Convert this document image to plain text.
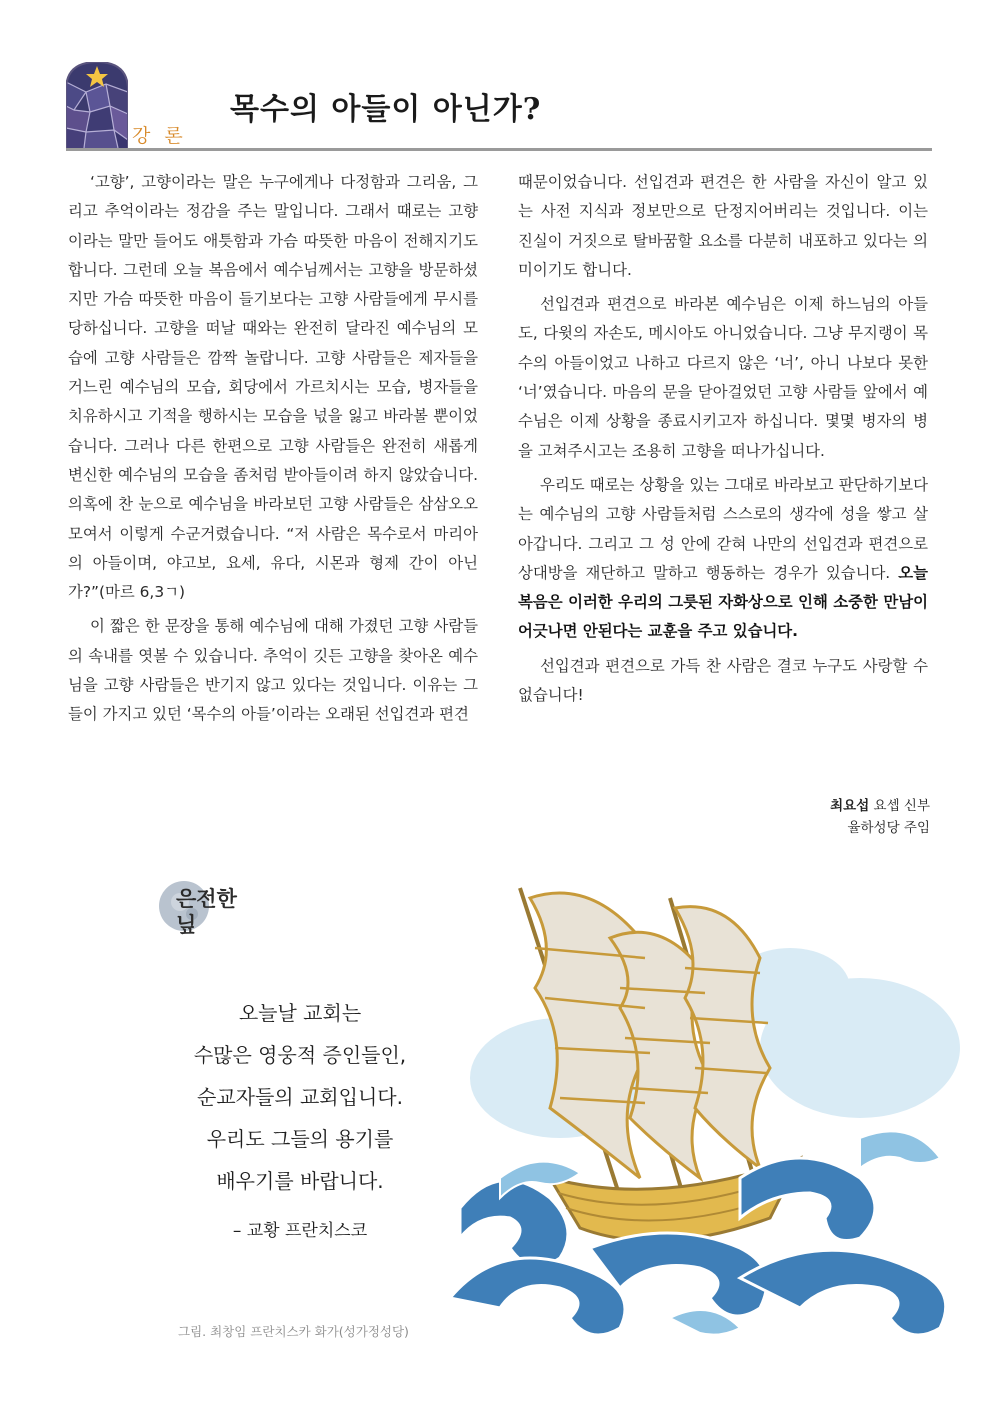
강 론
목수의 아들이 아닌가?

‘고향’, 고향이라는 말은 누구에게나 다정함과 그리움, 그리고 추억이라는 정감을 주는 말입니다. 그래서 때로는 고향이라는 말만 들어도 애틋함과 가슴 따뜻한 마음이 전해지기도 합니다. 그런데 오늘 복음에서 예수님께서는 고향을 방문하셨지만 가슴 따뜻한 마음이 들기보다는 고향 사람들에게 무시를 당하십니다. 고향을 떠날 때와는 완전히 달라진 예수님의 모습에 고향 사람들은 깜짝 놀랍니다. 고향 사람들은 제자들을 거느린 예수님의 모습, 회당에서 가르치시는 모습, 병자들을 치유하시고 기적을 행하시는 모습을 넋을 잃고 바라볼 뿐이었습니다. 그러나 다른 한편으로 고향 사람들은 완전히 새롭게 변신한 예수님의 모습을 좀처럼 받아들이려 하지 않았습니다. 의혹에 찬 눈으로 예수님을 바라보던 고향 사람들은 삼삼오오 모여서 이렇게 수군거렸습니다. “저 사람은 목수로서 마리아의 아들이며, 야고보, 요세, 유다, 시몬과 형제 간이 아닌가?”(마르 6,3ㄱ)

이 짧은 한 문장을 통해 예수님에 대해 가졌던 고향 사람들의 속내를 엿볼 수 있습니다. 추억이 깃든 고향을 찾아온 예수님을 고향 사람들은 반기지 않고 있다는 것입니다. 이유는 그들이 가지고 있던 ‘목수의 아들’이라는 오래된 선입견과 편견

때문이었습니다. 선입견과 편견은 한 사람을 자신이 알고 있는 사전 지식과 정보만으로 단정지어버리는 것입니다. 이는 진실이 거짓으로 탈바꿈할 요소를 다분히 내포하고 있다는 의미이기도 합니다.

선입견과 편견으로 바라본 예수님은 이제 하느님의 아들도, 다윗의 자손도, 메시아도 아니었습니다. 그냥 무지랭이 목수의 아들이었고 나하고 다르지 않은 ‘너’, 아니 나보다 못한 ‘너’였습니다. 마음의 문을 닫아걸었던 고향 사람들 앞에서 예수님은 이제 상황을 종료시키고자 하십니다. 몇몇 병자의 병을 고쳐주시고는 조용히 고향을 떠나가십니다.

우리도 때로는 상황을 있는 그대로 바라보고 판단하기보다는 예수님의 고향 사람들처럼 스스로의 생각에 성을 쌓고 살아갑니다. 그리고 그 성 안에 갇혀 나만의 선입견과 편견으로 상대방을 재단하고 말하고 행동하는 경우가 있습니다. 오늘 복음은 이러한 우리의 그릇된 자화상으로 인해 소중한 만남이 어긋나면 안된다는 교훈을 주고 있습니다.

선입견과 편견으로 가득 찬 사람은 결코 누구도 사랑할 수 없습니다!

최요섭 요셉 신부
율하성당 주임
은전한닢
오늘날 교회는
수많은 영웅적 증인들인,
순교자들의 교회입니다.
우리도 그들의 용기를
배우기를 바랍니다.
– 교황 프란치스코
그림. 최창임 프란치스카 화가(성가정성당)
